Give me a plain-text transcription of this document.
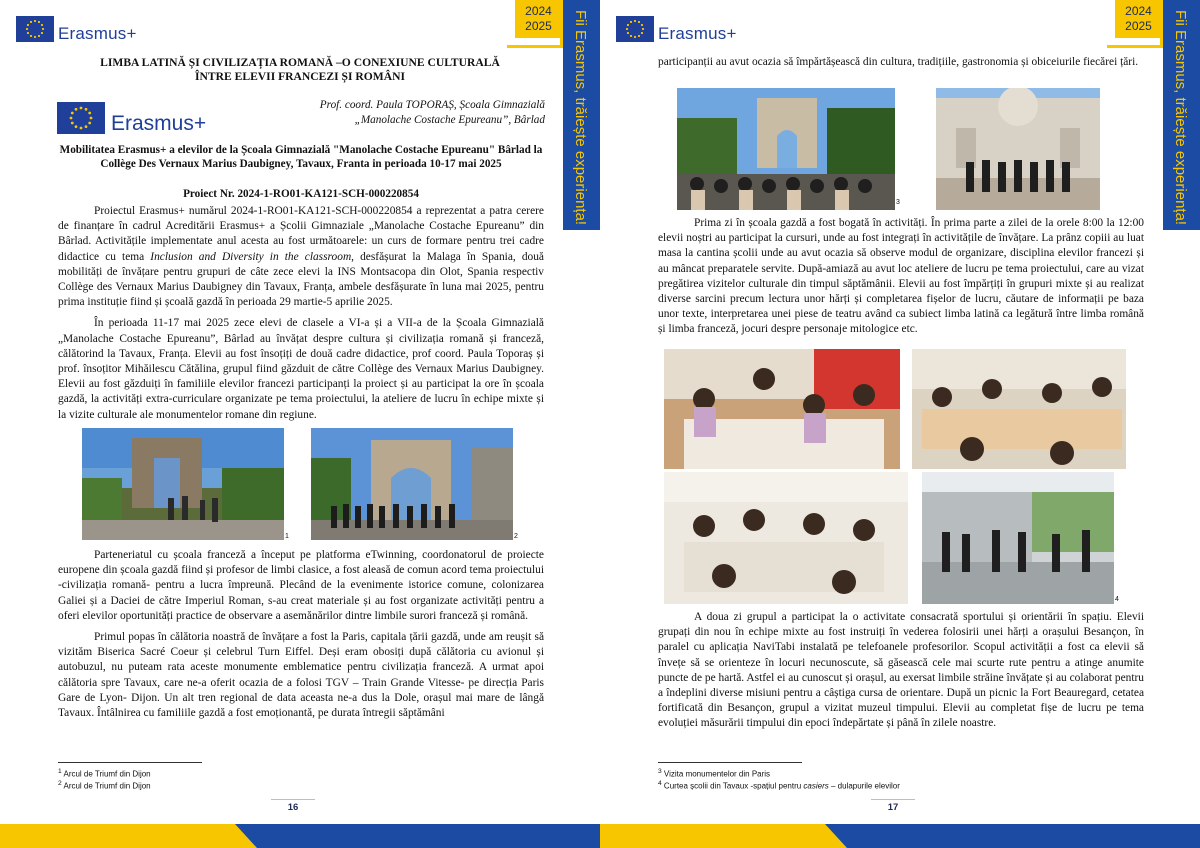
Erasmus+
2024
2025	Fii Erasmus, trăiește experiența!
LIMBA LATINĂ ȘI CIVILIZAȚIA ROMANĂ –O CONEXIUNE CULTURALĂ
ÎNTRE ELEVII FRANCEZI ȘI ROMÂNI
Erasmus+
Prof. coord. Paula TOPORAȘ, Școala Gimnazială
„Manolache Costache Epureanu”, Bârlad
Mobilitatea Erasmus+ a elevilor de la Școala Gimnazială "Manolache Costache Epureanu" Bârlad la Collège Des Vernaux Marius Daubigney, Tavaux, Franta in perioada 10-17 mai 2025
Proiect Nr. 2024-1-RO01-KA121-SCH-000220854

Proiectul Erasmus+ numărul 2024-1-RO01-KA121-SCH-000220854 a reprezentat a patra cerere de finanțare în cadrul Acreditării Erasmus+ a Școlii Gimnaziale „Manolache Costache Epureanu” din Bârlad. Activitățile implementate anul acesta au fost următoarele: un curs de formare pentru trei cadre didactice cu tema Inclusion and Diversity in the classroom, desfășurat la Malaga în Spania, două mobilități de învățare pentru grupuri de câte zece elevi la INS Montsacopa din Olot, Spania respectiv Collège des Vernaux Marius Daubigney din Tavaux, Franța, ambele desfășurate în luna mai 2025, pentru prima instituție fiind și școală gazdă în perioada 29 martie-5 aprilie 2025.

În perioada 11-17 mai 2025 zece elevi de clasele a VI-a și a VII-a de la Școala Gimnazială „Manolache Costache Epureanu”, Bârlad au învățat despre cultura și civilizația romană și franceză, călătorind la Tavaux, Franța. Elevii au fost însoțiți de două cadre didactice, prof coord. Paula Toporaș și prof. însoțitor Mihăilescu Cătălina, grupul fiind găzduit de către Collège des Vernaux Marius Daubigney. Elevii au fost găzduiți în familiile elevilor francezi participanți la proiect și au participat la ore în școala gazdă, la activități extra-curriculare organizate pe tema proiectului, la ateliere de lucru în echipe mixte și la vizite culturale ale monumentelor romane din regiune.

1	2

Parteneriatul cu școala franceză a început pe platforma eTwinning, coordonatorul de proiecte europene din școala gazdă fiind și profesor de limbi clasice, a fost aleasă de comun acord tema proiectului -civilizația romană- pentru a lucra împreună. Plecând de la evenimente istorice comune, colonizarea Galiei și a Daciei de către Imperiul Roman, s-au creat materiale și au fost organizate activități pentru a oferi elevilor oportunități practice de observare a asemănărilor dintre limbile surori franceză și română.

Primul popas în călătoria noastră de învățare a fost la Paris, capitala țării gazdă, unde am reușit să vizităm Biserica Sacré Coeur și celebrul Turn Eiffel. Deși eram obosiți după călătoria cu avionul și autobuzul, nu puteam rata aceste monumente emblematice pentru civilizația franceză. A urmat apoi călătoria spre Tavaux, care ne-a oferit ocazia de a folosi TGV – Train Grande Vitesse- pe direcția Paris Gare de Lyon- Dijon. Un alt tren regional de data aceasta ne-a dus la Dole, orașul mai mare de lângă Tavaux. Întâlnirea cu familiile gazdă a fost emoționantă, pe durata întregii săptămâni

$^1$ Arcul de Triumf din Dijon
$^2$ Arcul de Triumf din Dijon
16
Erasmus+
2024
2025	Fii Erasmus, trăiește experiența!

participanții au avut ocazia să împărtășească din cultura, tradițiile, gastronomia și obiceiurile fiecărei țări.

3

Prima zi în școala gazdă a fost bogată în activități. În prima parte a zilei de la orele 8:00 la 12:00 elevii noștri au participat la cursuri, unde au fost integrați în activitățile de învățare. La prânz copiii au luat masa la cantina școlii unde au avut ocazia să observe modul de organizare, disciplina elevilor francezi și au mâncat preparatele servite. După-amiază au avut loc ateliere de lucru pe tema proiectului, care au vizat pregătirea vizitelor culturale din timpul săptămânii. Elevii au fost împărțiți în grupuri mixte și au realizat diverse sarcini precum lectura unor hărți și completarea fișelor de lucru, căutare de informații pe baza unor texte, interpretarea unei piese de teatru având ca subiect limba latină ca legătură între limba română și limba franceză, jocuri despre personaje mitologice etc.

4

A doua zi grupul a participat la o activitate consacrată sportului și orientării în spațiu. Elevii grupați din nou în echipe mixte au fost instruiți în vederea folosirii unei hărți a orașului Besançon, în paralel cu aplicația NaviTabi instalată pe telefoanele profesorilor. Scopul activității a fost ca elevii să învețe să se orienteze în locuri necunoscute, să găsească cele mai scurte rute pentru a atinge anumite puncte de pe hartă. Astfel ei au cunoscut și orașul, au exersat limbile străine învățate și au colaborat pentru a îndeplini diverse misiuni pentru a câștiga cursa de orientare. După un picnic la Fort Beauregard, cetatea fortificată din Besançon, grupul a vizitat muzeul timpului. Elevii au completat fișe de lucru pe tema evoluției măsurării timpului din epoci îndepărtate și până în zilele noastre.

$^3$ Vizita monumentelor din Paris
$^4$ Curtea școlii din Tavaux -spațiul pentru casiers – dulapurile elevilor
17
